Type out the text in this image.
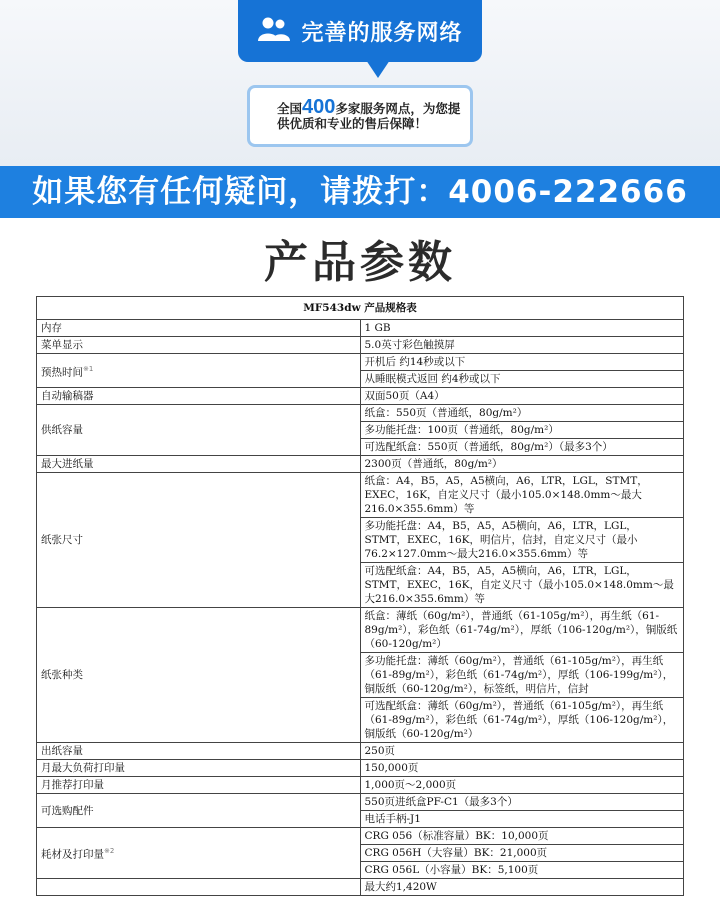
完善的服务网络
全国400多家服务网点，为您提
供优质和专业的售后保障！
如果您有任何疑问，请拨打：4006-222666
产品参数
MF543dw 产品规格表	
内存	1 GB
菜单显示	5.0英寸彩色触摸屏
预热时间$^{※1}$	开机后 约14秒或以下
	从睡眠模式返回 约4秒或以下
自动输稿器	双面50页（A4）
供纸容量	纸盒：550页（普通纸，80g/m²）
	多功能托盘：100页（普通纸，80g/m²）
	可选配纸盒：550页（普通纸，80g/m²）（最多3个）
最大进纸量	2300页（普通纸，80g/m²）
纸张尺寸	纸盒：A4，B5，A5，A5横向，A6，LTR，LGL，STMT，EXEC，16K，自定义尺寸（最小105.0×148.0mm～最大216.0×355.6mm）等
	多功能托盘：A4，B5，A5，A5横向，A6，LTR，LGL，STMT，EXEC，16K，明信片，信封，自定义尺寸（最小76.2×127.0mm～最大216.0×355.6mm）等
	可选配纸盒：A4，B5，A5，A5横向，A6，LTR，LGL，STMT，EXEC，16K，自定义尺寸（最小105.0×148.0mm～最大216.0×355.6mm）等
纸张种类	纸盒：薄纸（60g/m²），普通纸（61-105g/m²），再生纸（61-89g/m²），彩色纸（61-74g/m²），厚纸（106-120g/m²），铜版纸（60-120g/m²）
	多功能托盘：薄纸（60g/m²），普通纸（61-105g/m²），再生纸（61-89g/m²），彩色纸（61-74g/m²），厚纸（106-199g/m²），铜版纸（60-120g/m²），标签纸，明信片，信封
	可选配纸盒：薄纸（60g/m²），普通纸（61-105g/m²），再生纸（61-89g/m²），彩色纸（61-74g/m²），厚纸（106-120g/m²），铜版纸（60-120g/m²）
出纸容量	250页
月最大负荷打印量	150,000页
月推荐打印量	1,000页～2,000页
可选购配件	550页进纸盒PF-C1（最多3个）
	电话手柄-J1
耗材及打印量$^{※2}$	CRG 056（标准容量）BK：10,000页
	CRG 056H（大容量）BK：21,000页
	CRG 056L（小容量）BK：5,100页
	最大约1,420W
